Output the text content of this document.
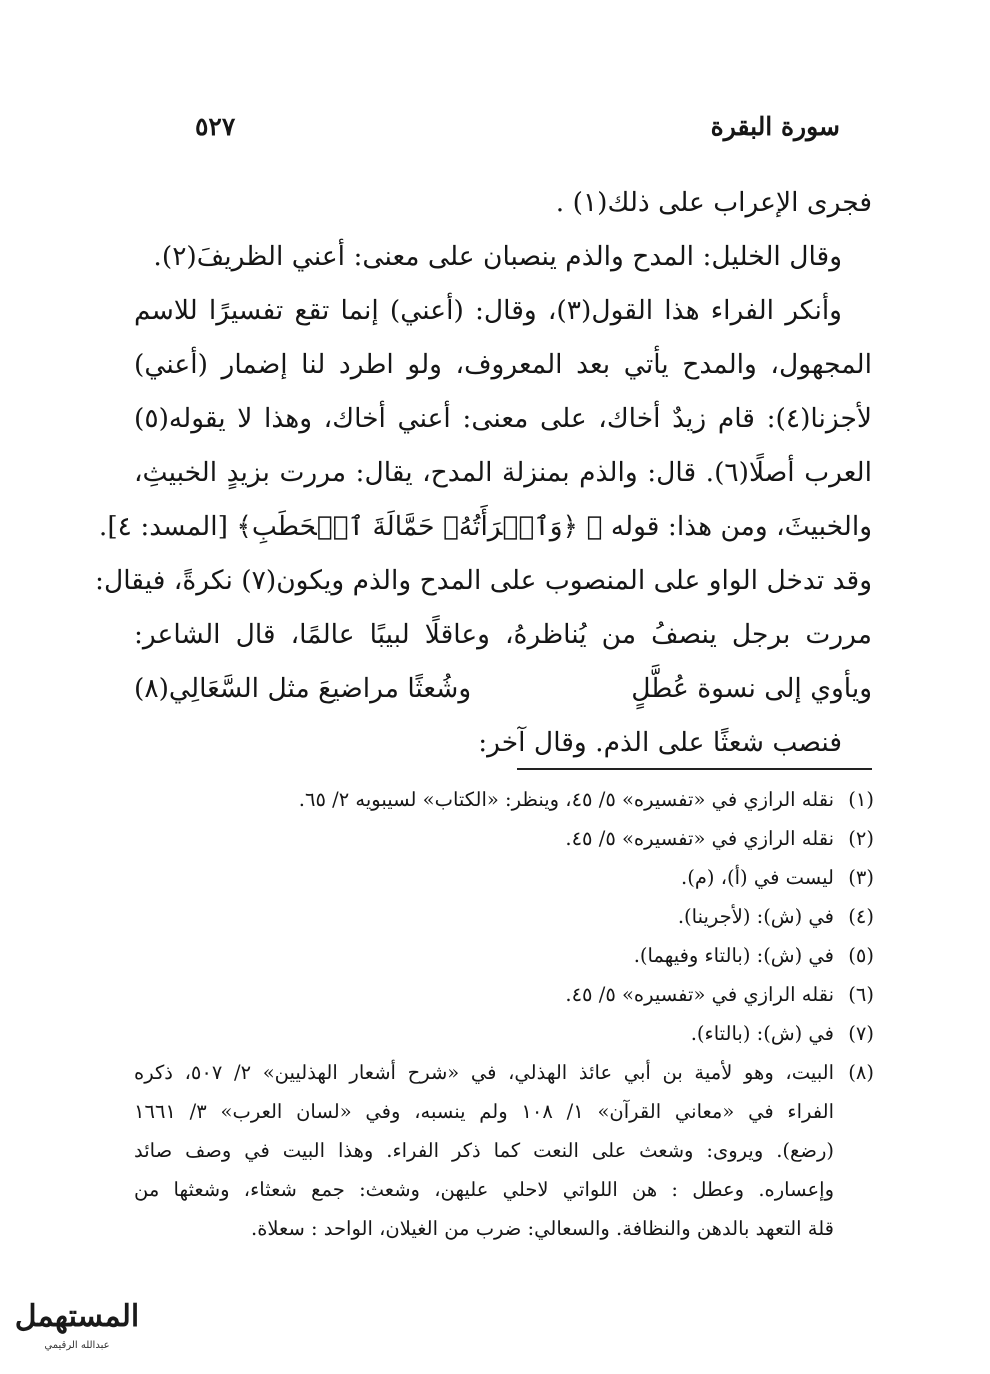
سورة البقرة
٥٢٧
فجرى الإعراب على ذلك(١) .
وقال الخليل: المدح والذم ينصبان على معنى: أعني الظريفَ(٢).
وأنكر الفراء هذا القول(٣)، وقال: (أعني) إنما تقع تفسيرًا للاسم
المجهول، والمدح يأتي بعد المعروف، ولو اطرد لنا إضمار (أعني)
لأجزنا(٤): قام زيدٌ أخاك، على معنى: أعني أخاك، وهذا لا يقوله(٥)
العرب أصلًا(٦). قال: والذم بمنزلة المدح، يقال: مررت بزيدٍ الخبيثِ،
والخبيثَ، ومن هذا: قوله ﷻ ﴿وَٱمۡرَأَتُهُۥ حَمَّالَةَ ٱلۡحَطَبِ﴾ [المسد: ٤].
وقد تدخل الواو على المنصوب على المدح والذم ويكون(٧) نكرةً، فيقال:
مررت برجل ينصفُ من يُناظرهُ، وعاقلًا لبيبًا عالمًا، قال الشاعر:
ويأوي إلى نسوة عُطَّلٍ
وشُعثًا مراضيعَ مثل السَّعَالِي(٨)
فنصب شعثًا على الذم. وقال آخر:
(١)نقله الرازي في «تفسيره» ٥/ ٤٥، وينظر: «الكتاب» لسيبويه ٢/ ٦٥.
(٢)نقله الرازي في «تفسيره» ٥/ ٤٥.
(٣)ليست في (أ)، (م).
(٤)في (ش): (لأجرينا).
(٥)في (ش): (بالتاء وفيهما).
(٦)نقله الرازي في «تفسيره» ٥/ ٤٥.
(٧)في (ش): (بالتاء).
(٨)البيت، وهو لأمية بن أبي عائذ الهذلي، في «شرح أشعار الهذليين» ٢/ ٥٠٧، ذكره
الفراء في «معاني القرآن» ١/ ١٠٨ ولم ينسبه، وفي «لسان العرب» ٣/ ١٦٦١
(رضع). ويروى: وشعث على النعت كما ذكر الفراء. وهذا البيت في وصف صائد
وإعساره. وعطل : هن اللواتي لاحلي عليهن، وشعث: جمع شعثاء، وشعثها من
قلة التعهد بالدهن والنظافة. والسعالي: ضرب من الغيلان، الواحد : سعلاة.
المستهمل
عبدالله الرقيمي
